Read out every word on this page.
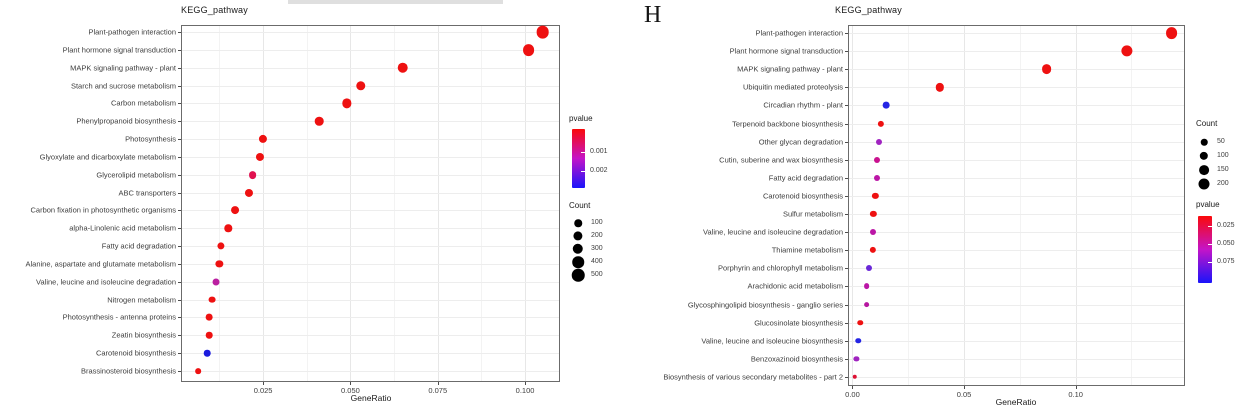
H
KEGG_pathway	KEGG_pathway
GeneRatio	GeneRatio
Plant-pathogen interaction
Plant hormone signal transduction
MAPK signaling pathway - plant
Starch and sucrose metabolism
Carbon metabolism
Phenylpropanoid biosynthesis
Photosynthesis
Glyoxylate and dicarboxylate metabolism
Glycerolipid metabolism
ABC transporters
Carbon fixation in photosynthetic organisms
alpha-Linolenic acid metabolism
Fatty acid degradation
Alanine, aspartate and glutamate metabolism
Valine, leucine and isoleucine degradation
Nitrogen metabolism
Photosynthesis - antenna proteins
Zeatin biosynthesis
Carotenoid biosynthesis
Brassinosteroid biosynthesis
0.025	0.050	0.075	0.100
pvalue
0.001
0.002
Count
100
200
300
400
500
Plant-pathogen interaction
Plant hormone signal transduction
MAPK signaling pathway - plant
Ubiquitin mediated proteolysis
Circadian rhythm - plant
Terpenoid backbone biosynthesis
Other glycan degradation
Cutin, suberine and wax biosynthesis
Fatty acid degradation
Carotenoid biosynthesis
Sulfur metabolism
Valine, leucine and isoleucine degradation
Thiamine metabolism
Porphyrin and chlorophyll metabolism
Arachidonic acid metabolism
Glycosphingolipid biosynthesis - ganglio series
Glucosinolate biosynthesis
Valine, leucine and isoleucine biosynthesis
Benzoxazinoid biosynthesis
Biosynthesis of various secondary metabolites - part 2
0.00	0.05	0.10
Count
50
100
150
200
pvalue
0.025
0.050
0.075
